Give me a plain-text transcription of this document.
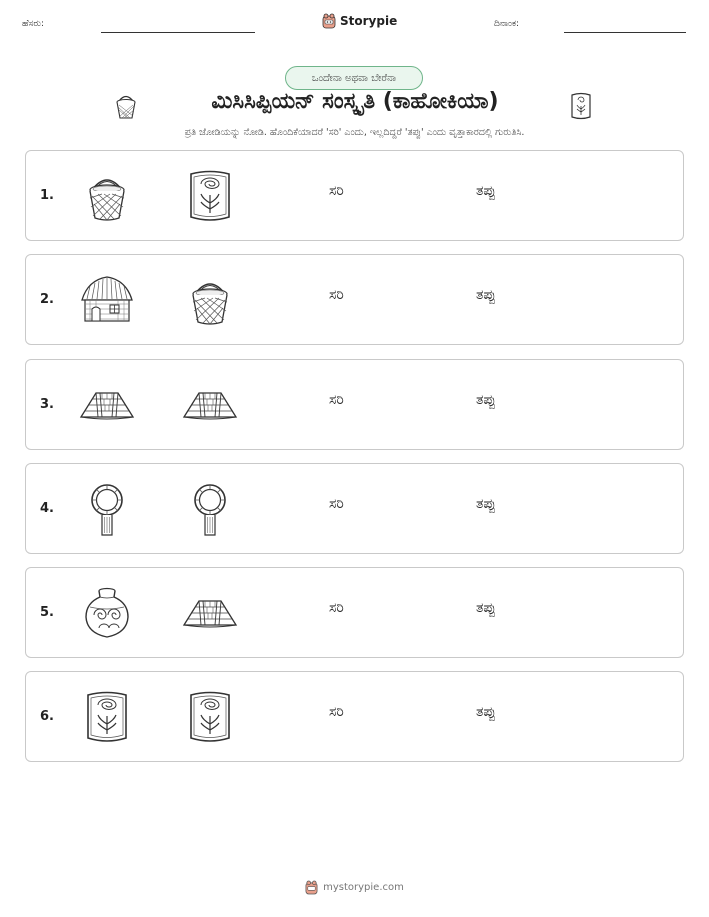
ಹೆಸರು:	Storypie	ದಿನಾಂಕ:
ಒಂದೇನಾ ಅಥವಾ ಬೇರೆನಾ
ಮಿಸಿಸಿಪ್ಪಿಯನ್ ಸಂಸ್ಕೃತಿ (ಕಾಹೋಕಿಯಾ)
ಪ್ರತಿ ಜೋಡಿಯನ್ನು ನೋಡಿ. ಹೊಂದಿಕೆಯಾದರೆ 'ಸರಿ' ಎಂದು, ಇಲ್ಲದಿದ್ದರೆ 'ತಪ್ಪು' ಎಂದು ವೃತ್ತಾಕಾರದಲ್ಲಿ ಗುರುತಿಸಿ.
1.	ಸರಿ	ತಪ್ಪು
2.	ಸರಿ	ತಪ್ಪು
3.	ಸರಿ	ತಪ್ಪು
4.	ಸರಿ	ತಪ್ಪು
5.	ಸರಿ	ತಪ್ಪು
6.	ಸರಿ	ತಪ್ಪು
mystorypie.com
